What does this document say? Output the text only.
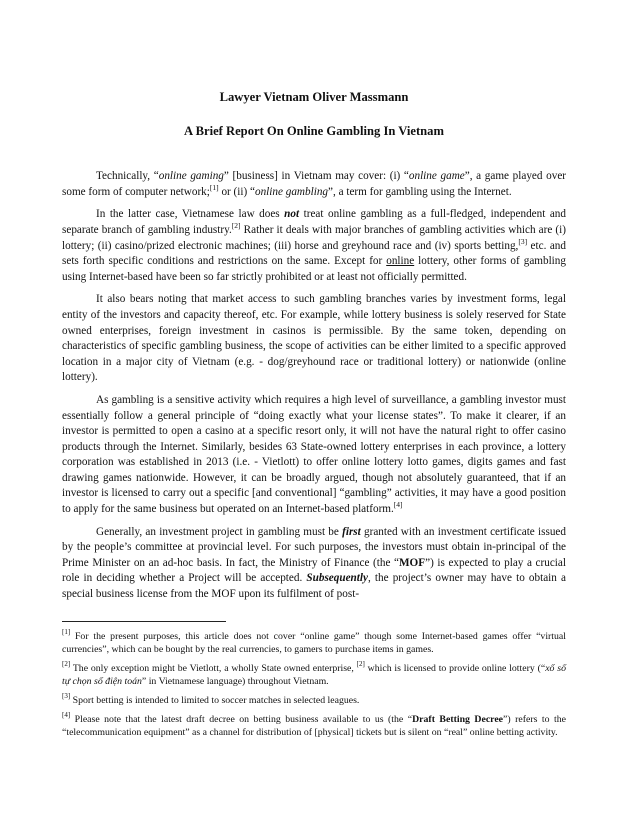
Lawyer Vietnam Oliver Massmann

A Brief Report On Online Gambling In Vietnam

Technically, “online gaming” [business] in Vietnam may cover: (i) “online game”, a game played over some form of computer network;[1] or (ii) “online gambling”, a term for gambling using the Internet.

In the latter case, Vietnamese law does not treat online gambling as a full-fledged, independent and separate branch of gambling industry.[2] Rather it deals with major branches of gambling activities which are (i) lottery; (ii) casino/prized electronic machines; (iii) horse and greyhound race and (iv) sports betting,[3] etc. and sets forth specific conditions and restrictions on the same. Except for online lottery, other forms of gambling using Internet-based have been so far strictly prohibited or at least not officially permitted.

It also bears noting that market access to such gambling branches varies by investment forms, legal entity of the investors and capacity thereof, etc. For example, while lottery business is solely reserved for State owned enterprises, foreign investment in casinos is permissible. By the same token, depending on characteristics of specific gambling business, the scope of activities can be either limited to a specific approved location in a major city of Vietnam (e.g. - dog/greyhound race or traditional lottery) or nationwide (online lottery).

As gambling is a sensitive activity which requires a high level of surveillance, a gambling investor must essentially follow a general principle of “doing exactly what your license states”. To make it clearer, if an investor is permitted to open a casino at a specific resort only, it will not have the natural right to offer casino products through the Internet. Similarly, besides 63 State-owned lottery enterprises in each province, a lottery corporation was established in 2013 (i.e. - Vietlott) to offer online lottery lotto games, digits games and fast drawing games nationwide. However, it can be broadly argued, though not absolutely guaranteed, that if an investor is licensed to carry out a specific [and conventional] “gambling” activities, it may have a good position to apply for the same business but operated on an Internet-based platform.[4]

Generally, an investment project in gambling must be first granted with an investment certificate issued by the people’s committee at provincial level. For such purposes, the investors must obtain in-principal of the Prime Minister on an ad-hoc basis. In fact, the Ministry of Finance (the “MOF”) is expected to play a crucial role in deciding whether a Project will be accepted. Subsequently, the project’s owner may have to obtain a special business license from the MOF upon its fulfilment of post-

[1] For the present purposes, this article does not cover “online game” though some Internet-based games offer “virtual currencies”, which can be bought by the real currencies, to gamers to purchase items in games.

[2] The only exception might be Vietlott, a wholly State owned enterprise, [2] which is licensed to provide online lottery (“xổ số tự chọn số điện toán” in Vietnamese language) throughout Vietnam.

[3] Sport betting is intended to limited to soccer matches in selected leagues.

[4] Please note that the latest draft decree on betting business available to us (the “Draft Betting Decree”) refers to the “telecommunication equipment” as a channel for distribution of [physical] tickets but is silent on “real” online betting activity.
